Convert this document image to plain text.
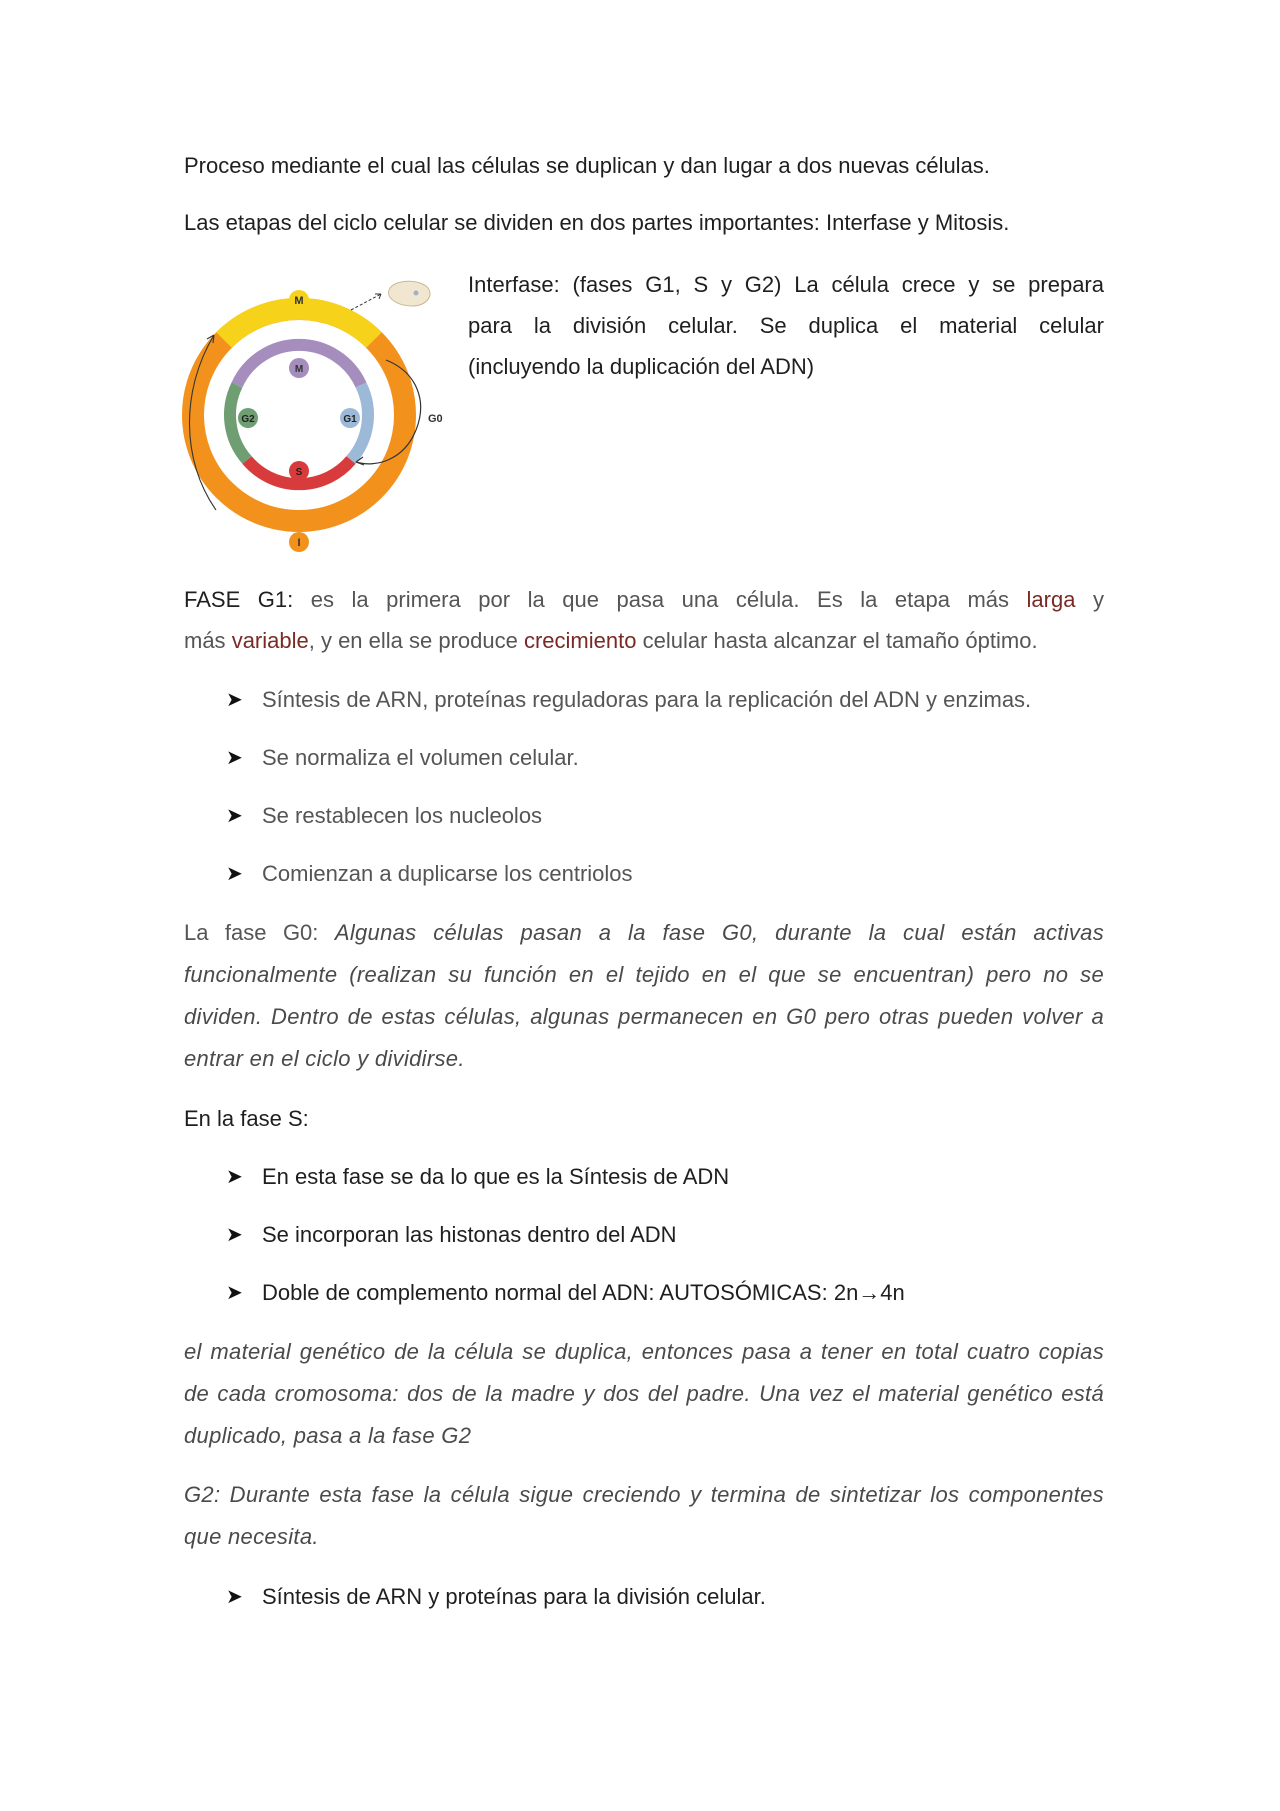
Proceso mediante el cual las células se duplican y dan lugar a dos nuevas células.

Las etapas del ciclo celular se dividen en dos partes importantes: Interfase y Mitosis.

M
M
G2	G1
S
I
G0

Interfase: (fases G1, S y G2) La célula crece y se prepara

para la división celular. Se duplica el material celular

(incluyendo la duplicación del ADN)

FASE G1: es la primera por la que pasa una célula. Es la etapa más larga y

más variable, y en ella se produce crecimiento celular hasta alcanzar el tamaño óptimo.

➤ Síntesis de ARN, proteínas reguladoras para la replicación del ADN y enzimas.
➤ Se normaliza el volumen celular.
➤ Se restablecen los nucleolos
➤ Comienzan a duplicarse los centriolos

La fase G0: Algunas células pasan a la fase G0, durante la cual están activas

funcionalmente (realizan su función en el tejido en el que se encuentran) pero no se

dividen. Dentro de estas células, algunas permanecen en G0 pero otras pueden volver a

entrar en el ciclo y dividirse.

En la fase S:

➤ En esta fase se da lo que es la Síntesis de ADN
➤ Se incorporan las histonas dentro del ADN
➤ Doble de complemento normal del ADN: AUTOSÓMICAS: 2n→4n

el material genético de la célula se duplica, entonces pasa a tener en total cuatro copias

de cada cromosoma: dos de la madre y dos del padre. Una vez el material genético está

duplicado, pasa a la fase G2

G2: Durante esta fase la célula sigue creciendo y termina de sintetizar los componentes

que necesita.

➤ Síntesis de ARN y proteínas para la división celular.
